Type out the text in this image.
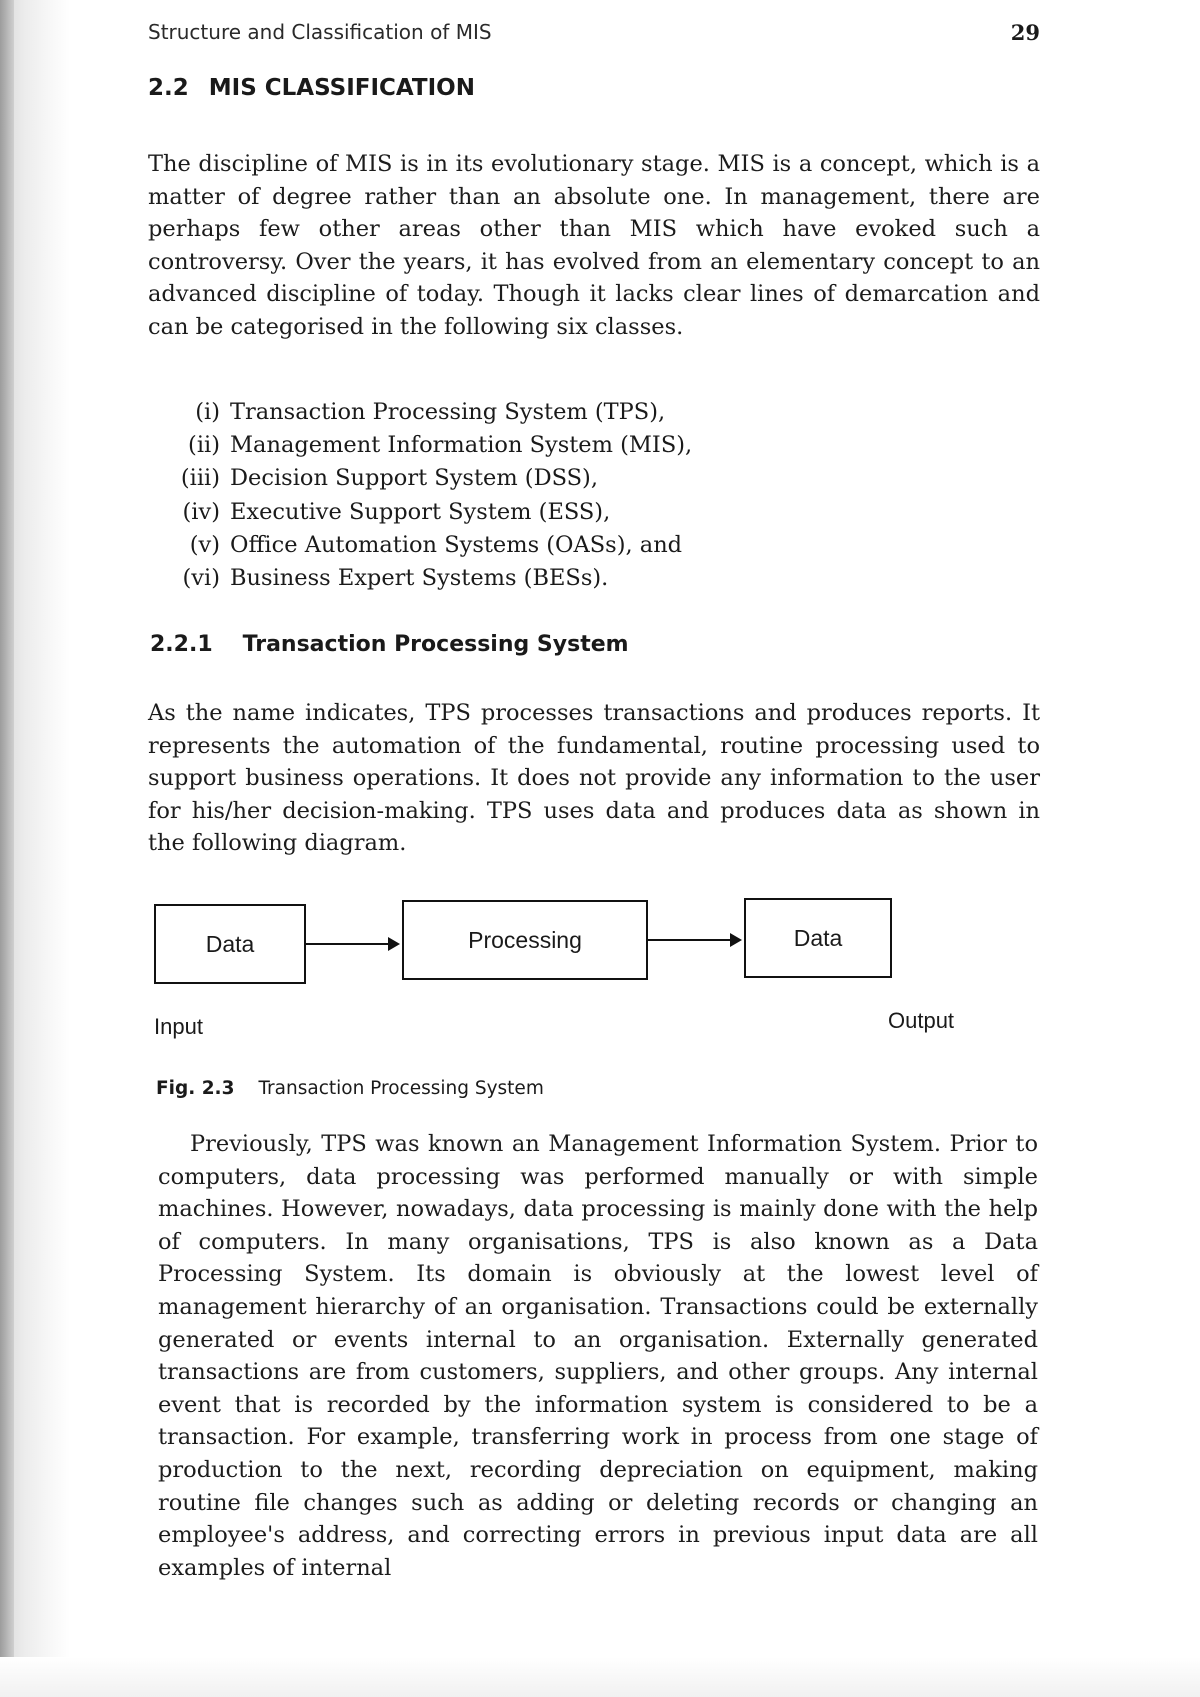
Structure and Classification of MIS	29
2.2 MIS CLASSIFICATION

The discipline of MIS is in its evolutionary stage. MIS is a concept, which is a matter of degree rather than an absolute one. In management, there are perhaps few other areas other than MIS which have evoked such a controversy. Over the years, it has evolved from an elementary concept to an advanced discipline of today. Though it lacks clear lines of demarcation and can be categorised in the following six classes.

(i) Transaction Processing System (TPS),
(ii) Management Information System (MIS),
(iii) Decision Support System (DSS),
(iv) Executive Support System (ESS),
(v) Office Automation Systems (OASs), and
(vi) Business Expert Systems (BESs).
2.2.1 Transaction Processing System

As the name indicates, TPS processes transactions and produces reports. It represents the automation of the fundamental, routine processing used to support business operations. It does not provide any information to the user for his/her decision-making. TPS uses data and produces data as shown in the following diagram.

Data	Processing	Data
Input	Output
Fig. 2.3 Transaction Processing System

Previously, TPS was known an Management Information System. Prior to computers, data processing was performed manually or with simple machines. However, nowadays, data processing is mainly done with the help of computers. In many organisations, TPS is also known as a Data Processing System. Its domain is obviously at the lowest level of management hierarchy of an organisation. Transactions could be externally generated or events internal to an organisation. Externally generated transactions are from customers, suppliers, and other groups. Any internal event that is recorded by the information system is considered to be a transaction. For example, transferring work in process from one stage of production to the next, recording depreciation on equipment, making routine file changes such as adding or deleting records or changing an employee's address, and correcting errors in previous input data are all examples of internal
